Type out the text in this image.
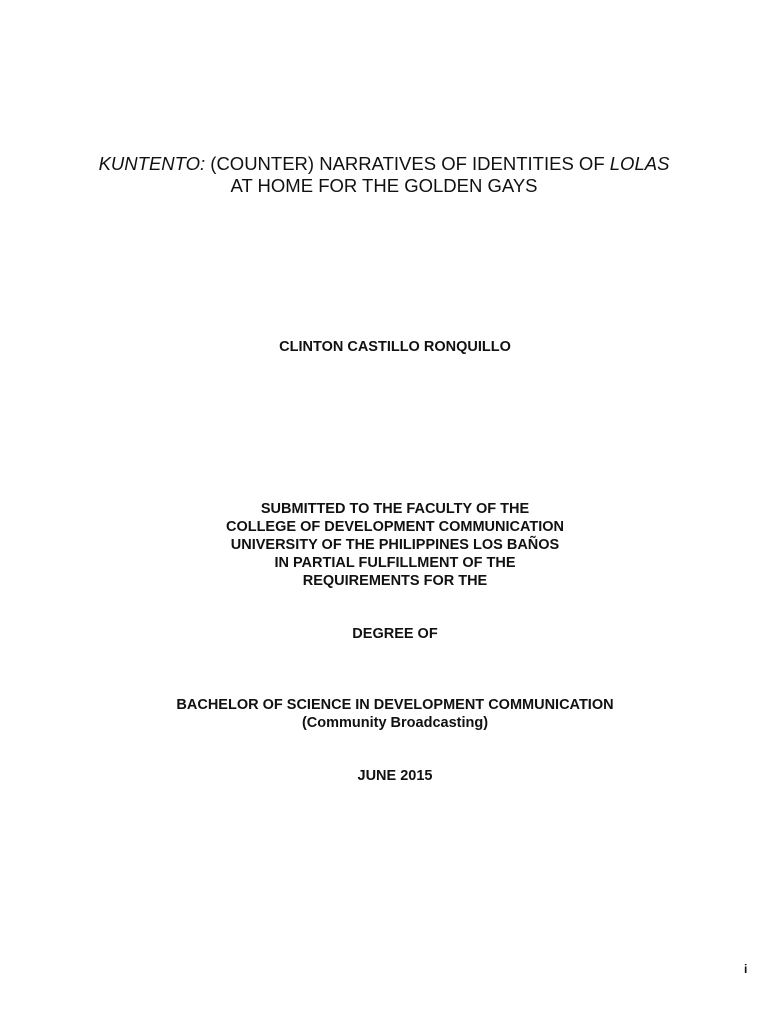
KUNTENTO: (COUNTER) NARRATIVES OF IDENTITIES OF LOLAS
AT HOME FOR THE GOLDEN GAYS
CLINTON CASTILLO RONQUILLO
SUBMITTED TO THE FACULTY OF THE
COLLEGE OF DEVELOPMENT COMMUNICATION
UNIVERSITY OF THE PHILIPPINES LOS BAÑOS
IN PARTIAL FULFILLMENT OF THE
REQUIREMENTS FOR THE
DEGREE OF
BACHELOR OF SCIENCE IN DEVELOPMENT COMMUNICATION
(Community Broadcasting)
JUNE 2015
i
